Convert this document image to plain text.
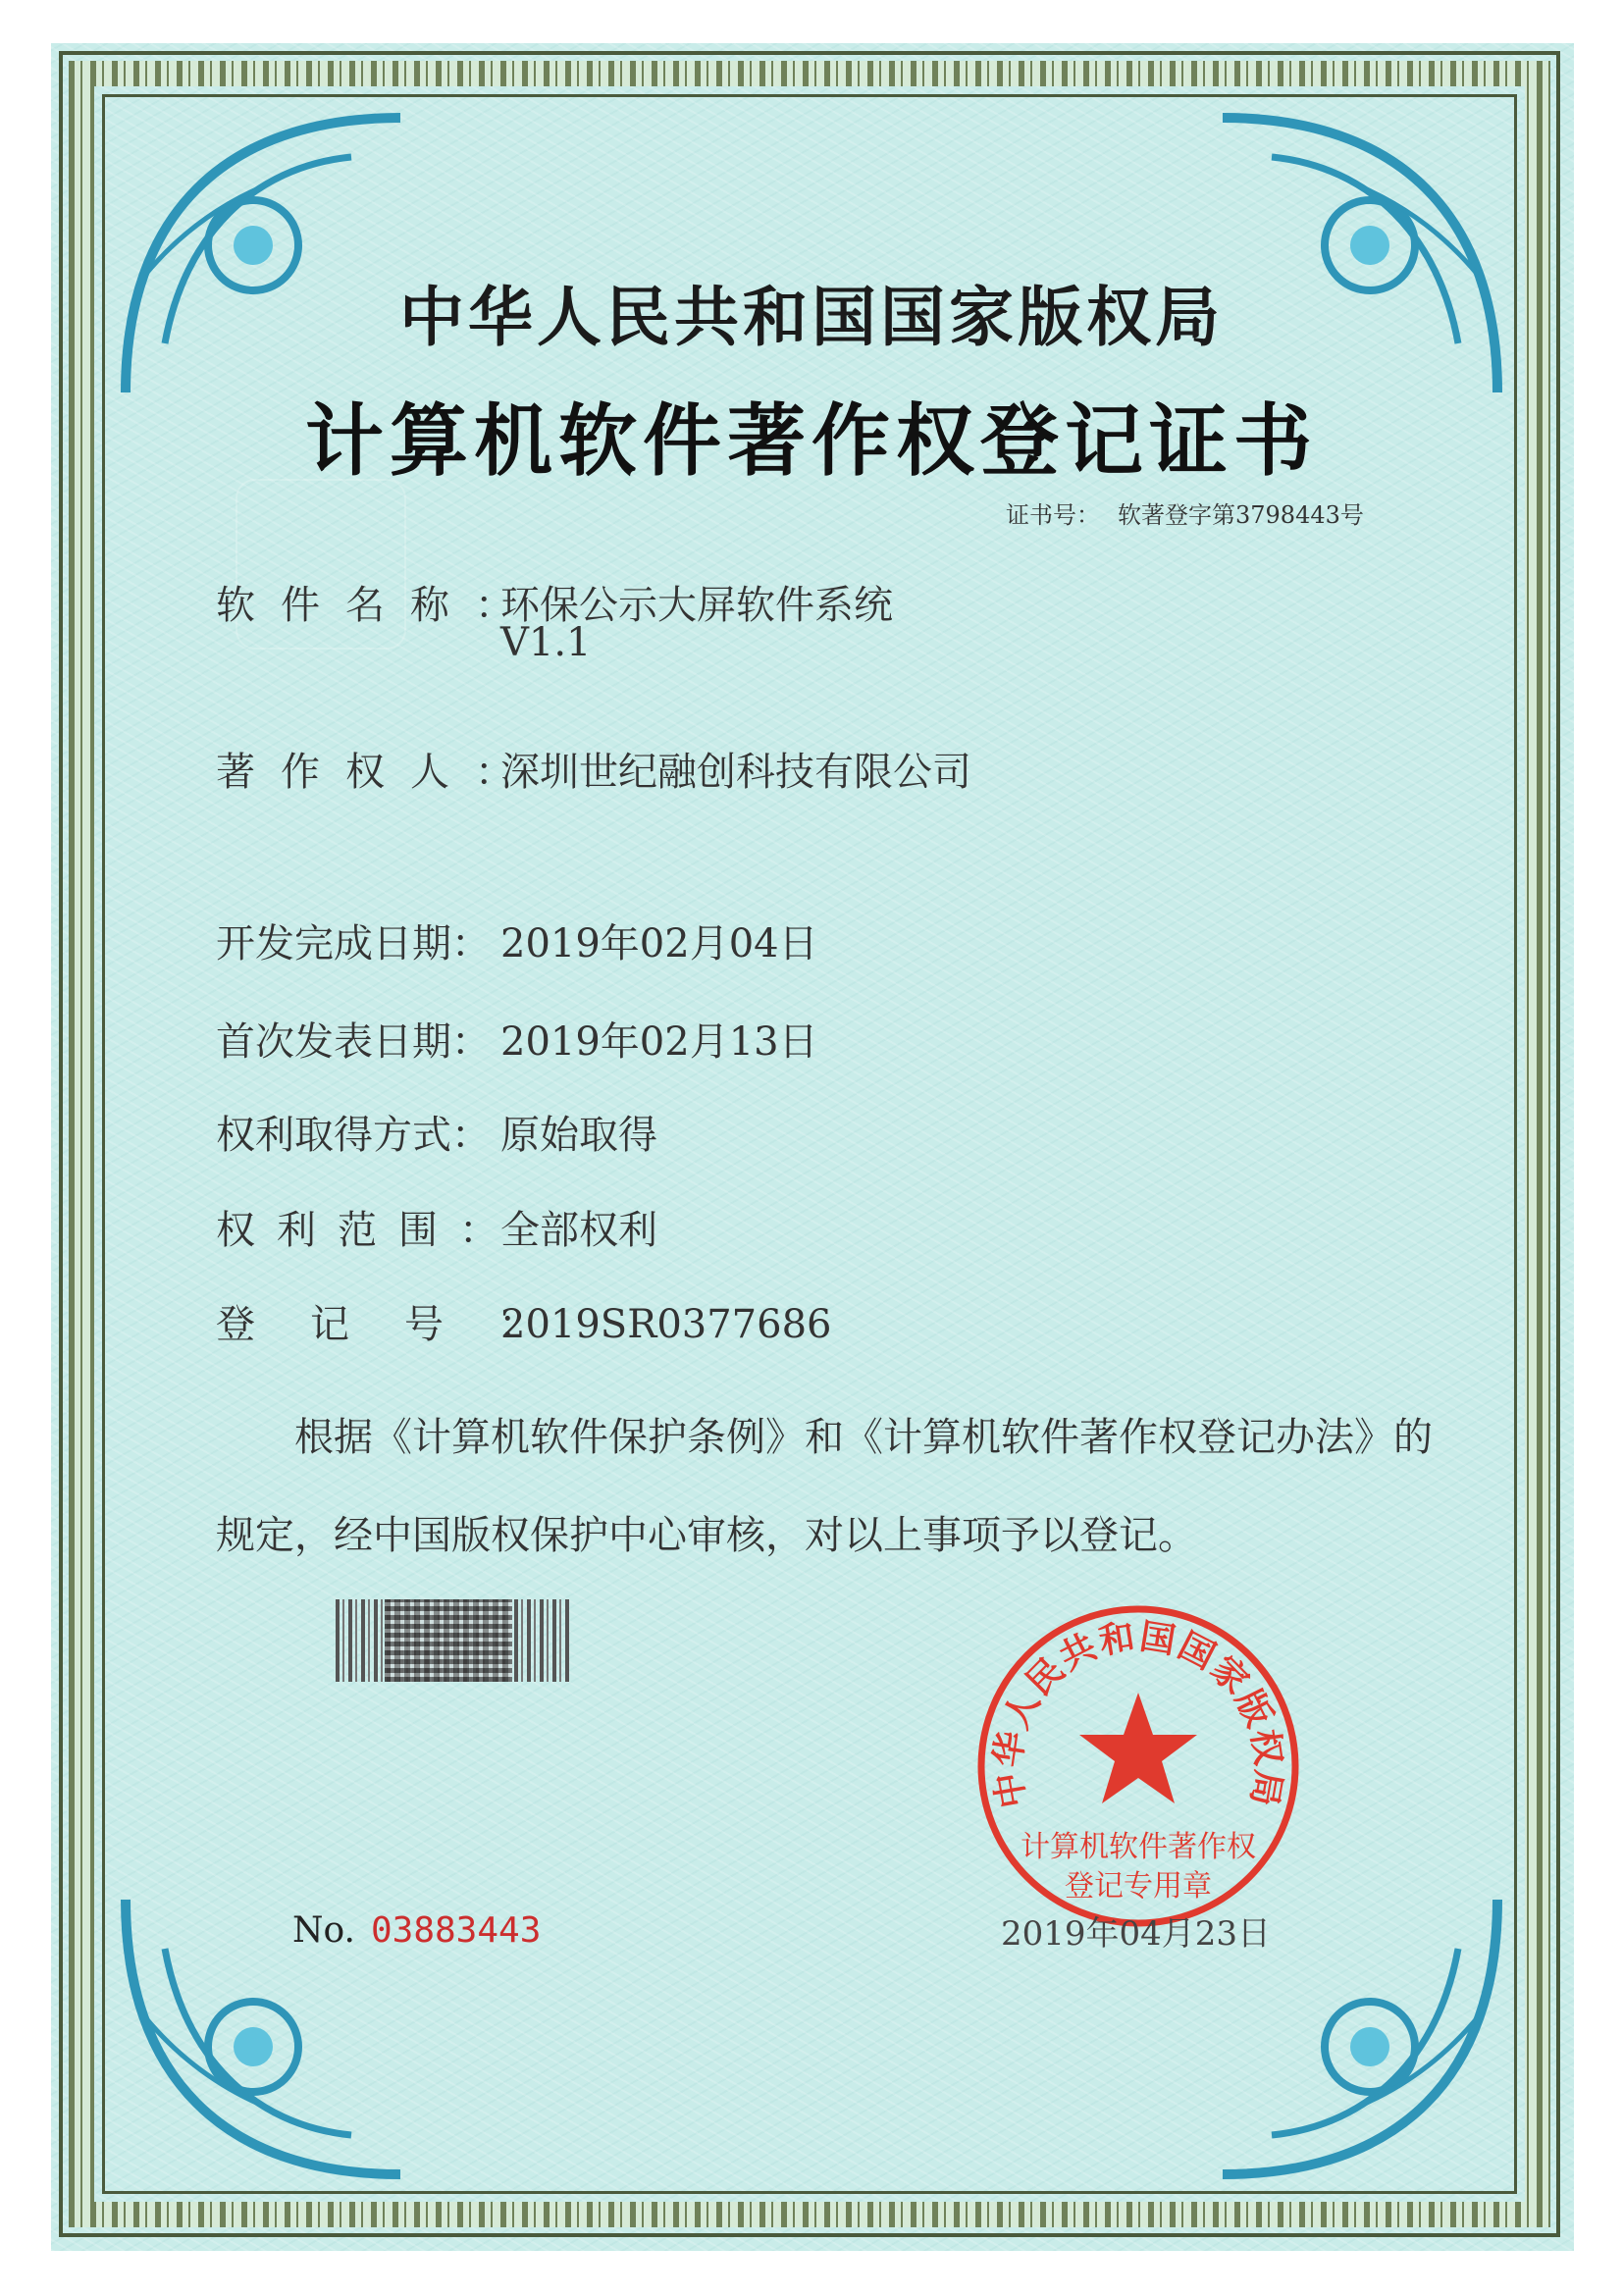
中华人民共和国国家版权局
计算机软件著作权登记证书
证书号： 软著登字第3798443号
软件名称：环保公示大屏软件系统
V1.1
著作权人：深圳世纪融创科技有限公司
开发完成日期： 2019年02月04日
首次发表日期： 2019年02月13日
权利取得方式： 原始取得
权利范围：全部权利
登记号：2019SR0377686
根据《计算机软件保护条例》和《计算机软件著作权登记办法》的
规定，经中国版权保护中心审核，对以上事项予以登记。
中华人民共和国国家版权局
计算机软件著作权
登记专用章
No. 03883443	2019年04月23日
